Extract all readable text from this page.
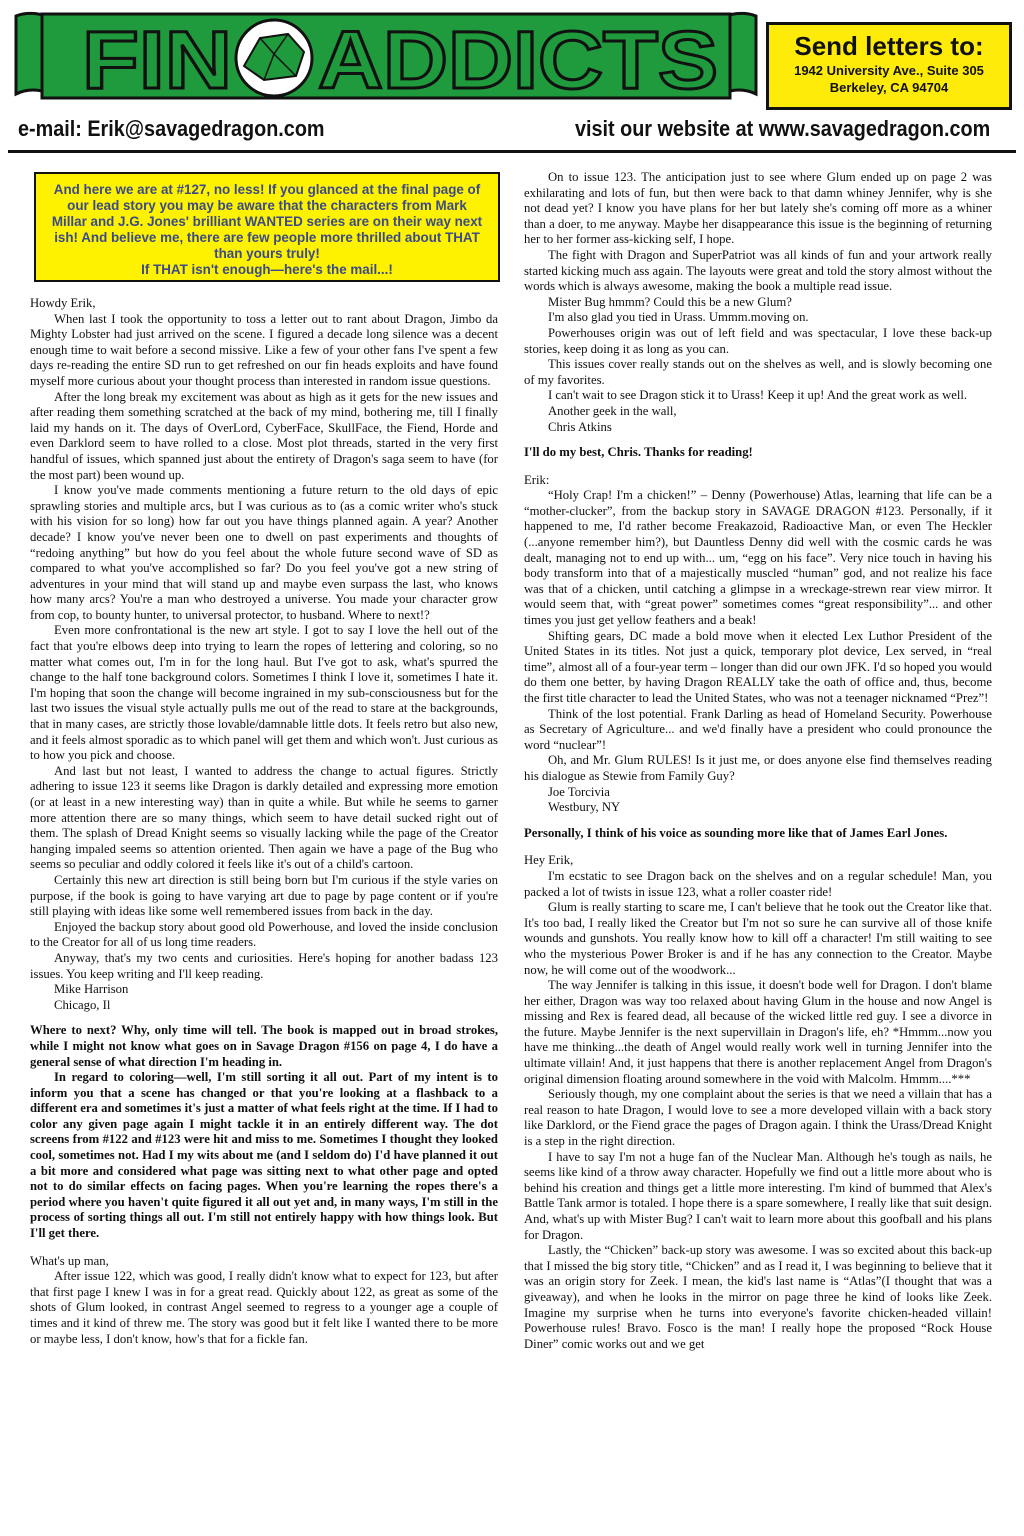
FIN ADDICTS	Send letters to:
1942 University Ave., Suite 305
Berkeley, CA 94704
e-mail: Erik@savagedragon.com	visit our website at www.savagedragon.com

And here we are at #127, no less! If you glanced at the final page of our lead story you may be aware that the characters from Mark Millar and J.G. Jones' brilliant WANTED series are on their way next ish! And believe me, there are few people more thrilled about THAT than yours truly!

If THAT isn't enough—here's the mail...!

Howdy Erik,

When last I took the opportunity to toss a letter out to rant about Dragon, Jimbo da Mighty Lobster had just arrived on the scene. I figured a decade long silence was a decent enough time to wait before a second missive. Like a few of your other fans I've spent a few days re-reading the entire SD run to get refreshed on our fin heads exploits and have found myself more curious about your thought process than interested in random issue questions.

After the long break my excitement was about as high as it gets for the new issues and after reading them something scratched at the back of my mind, bothering me, till I finally laid my hands on it. The days of OverLord, CyberFace, SkullFace, the Fiend, Horde and even Darklord seem to have rolled to a close. Most plot threads, started in the very first handful of issues, which spanned just about the entirety of Dragon's saga seem to have (for the most part) been wound up.

I know you've made comments mentioning a future return to the old days of epic sprawling stories and multiple arcs, but I was curious as to (as a comic writer who's stuck with his vision for so long) how far out you have things planned again. A year? Another decade? I know you've never been one to dwell on past experiments and thoughts of “redoing anything” but how do you feel about the whole future second wave of SD as compared to what you've accomplished so far? Do you feel you've got a new string of adventures in your mind that will stand up and maybe even surpass the last, who knows how many arcs? You're a man who destroyed a universe. You made your character grow from cop, to bounty hunter, to universal protector, to husband. Where to next!?

Even more confrontational is the new art style. I got to say I love the hell out of the fact that you're elbows deep into trying to learn the ropes of lettering and coloring, so no matter what comes out, I'm in for the long haul. But I've got to ask, what's spurred the change to the half tone background colors. Sometimes I think I love it, sometimes I hate it. I'm hoping that soon the change will become ingrained in my sub-consciousness but for the last two issues the visual style actually pulls me out of the read to stare at the backgrounds, that in many cases, are strictly those lovable/damnable little dots. It feels retro but also new, and it feels almost sporadic as to which panel will get them and which won't. Just curious as to how you pick and choose.

And last but not least, I wanted to address the change to actual figures. Strictly adhering to issue 123 it seems like Dragon is darkly detailed and expressing more emotion (or at least in a new interesting way) than in quite a while. But while he seems to garner more attention there are so many things, which seem to have detail sucked right out of them. The splash of Dread Knight seems so visually lacking while the page of the Creator hanging impaled seems so attention oriented. Then again we have a page of the Bug who seems so peculiar and oddly colored it feels like it's out of a child's cartoon.

Certainly this new art direction is still being born but I'm curious if the style varies on purpose, if the book is going to have varying art due to page by page content or if you're still playing with ideas like some well remembered issues from back in the day.

Enjoyed the backup story about good old Powerhouse, and loved the inside conclusion to the Creator for all of us long time readers.

Anyway, that's my two cents and curiosities. Here's hoping for another badass 123 issues. You keep writing and I'll keep reading.

Mike Harrison

Chicago, Il

Where to next? Why, only time will tell. The book is mapped out in broad strokes, while I might not know what goes on in Savage Dragon #156 on page 4, I do have a general sense of what direction I'm heading in.

In regard to coloring—well, I'm still sorting it all out. Part of my intent is to inform you that a scene has changed or that you're looking at a flashback to a different era and sometimes it's just a matter of what feels right at the time. If I had to color any given page again I might tackle it in an entirely different way. The dot screens from #122 and #123 were hit and miss to me. Sometimes I thought they looked cool, sometimes not. Had I my wits about me (and I seldom do) I'd have planned it out a bit more and considered what page was sitting next to what other page and opted not to do similar effects on facing pages. When you're learning the ropes there's a period where you haven't quite figured it all out yet and, in many ways, I'm still in the process of sorting things all out. I'm still not entirely happy with how things look. But I'll get there.

What's up man,

After issue 122, which was good, I really didn't know what to expect for 123, but after that first page I knew I was in for a great read. Quickly about 122, as great as some of the shots of Glum looked, in contrast Angel seemed to regress to a younger age a couple of times and it kind of threw me. The story was good but it felt like I wanted there to be more or maybe less, I don't know, how's that for a fickle fan.

On to issue 123. The anticipation just to see where Glum ended up on page 2 was exhilarating and lots of fun, but then were back to that damn whiney Jennifer, why is she not dead yet? I know you have plans for her but lately she's coming off more as a whiner than a doer, to me anyway. Maybe her disappearance this issue is the beginning of returning her to her former ass-kicking self, I hope.

The fight with Dragon and SuperPatriot was all kinds of fun and your artwork really started kicking much ass again. The layouts were great and told the story almost without the words which is always awesome, making the book a multiple read issue.

Mister Bug hmmm? Could this be a new Glum?

I'm also glad you tied in Urass. Ummm.moving on.

Powerhouses origin was out of left field and was spectacular, I love these back-up stories, keep doing it as long as you can.

This issues cover really stands out on the shelves as well, and is slowly becoming one of my favorites.

I can't wait to see Dragon stick it to Urass! Keep it up! And the great work as well.

Another geek in the wall,

Chris Atkins

I'll do my best, Chris. Thanks for reading!

Erik:

“Holy Crap! I'm a chicken!” – Denny (Powerhouse) Atlas, learning that life can be a “mother-clucker”, from the backup story in SAVAGE DRAGON #123. Personally, if it happened to me, I'd rather become Freakazoid, Radioactive Man, or even The Heckler (...anyone remember him?), but Dauntless Denny did well with the cosmic cards he was dealt, managing not to end up with... um, “egg on his face”. Very nice touch in having his body transform into that of a majestically muscled “human” god, and not realize his face was that of a chicken, until catching a glimpse in a wreckage-strewn rear view mirror. It would seem that, with “great power” sometimes comes “great responsibility”... and other times you just get yellow feathers and a beak!

Shifting gears, DC made a bold move when it elected Lex Luthor President of the United States in its titles. Not just a quick, temporary plot device, Lex served, in “real time”, almost all of a four-year term – longer than did our own JFK. I'd so hoped you would do them one better, by having Dragon REALLY take the oath of office and, thus, become the first title character to lead the United States, who was not a teenager nicknamed “Prez”!

Think of the lost potential. Frank Darling as head of Homeland Security. Powerhouse as Secretary of Agriculture... and we'd finally have a president who could pronounce the word “nuclear”!

Oh, and Mr. Glum RULES! Is it just me, or does anyone else find themselves reading his dialogue as Stewie from Family Guy?

Joe Torcivia

Westbury, NY

Personally, I think of his voice as sounding more like that of James Earl Jones.

Hey Erik,

I'm ecstatic to see Dragon back on the shelves and on a regular schedule! Man, you packed a lot of twists in issue 123, what a roller coaster ride!

Glum is really starting to scare me, I can't believe that he took out the Creator like that. It's too bad, I really liked the Creator but I'm not so sure he can survive all of those knife wounds and gunshots. You really know how to kill off a character! I'm still waiting to see who the mysterious Power Broker is and if he has any connection to the Creator. Maybe now, he will come out of the woodwork...

The way Jennifer is talking in this issue, it doesn't bode well for Dragon. I don't blame her either, Dragon was way too relaxed about having Glum in the house and now Angel is missing and Rex is feared dead, all because of the wicked little red guy. I see a divorce in the future. Maybe Jennifer is the next supervillain in Dragon's life, eh? *Hmmm...now you have me thinking...the death of Angel would really work well in turning Jennifer into the ultimate villain! And, it just happens that there is another replacement Angel from Dragon's original dimension floating around somewhere in the void with Malcolm. Hmmm....***

Seriously though, my one complaint about the series is that we need a villain that has a real reason to hate Dragon, I would love to see a more developed villain with a back story like Darklord, or the Fiend grace the pages of Dragon again. I think the Urass/Dread Knight is a step in the right direction.

I have to say I'm not a huge fan of the Nuclear Man. Although he's tough as nails, he seems like kind of a throw away character. Hopefully we find out a little more about who is behind his creation and things get a little more interesting. I'm kind of bummed that Alex's Battle Tank armor is totaled. I hope there is a spare somewhere, I really like that suit design. And, what's up with Mister Bug? I can't wait to learn more about this goofball and his plans for Dragon.

Lastly, the “Chicken” back-up story was awesome. I was so excited about this back-up that I missed the big story title, “Chicken” and as I read it, I was beginning to believe that it was an origin story for Zeek. I mean, the kid's last name is “Atlas”(I thought that was a giveaway), and when he looks in the mirror on page three he kind of looks like Zeek. Imagine my surprise when he turns into everyone's favorite chicken-headed villain! Powerhouse rules! Bravo. Fosco is the man! I really hope the proposed “Rock House Diner” comic works out and we get
